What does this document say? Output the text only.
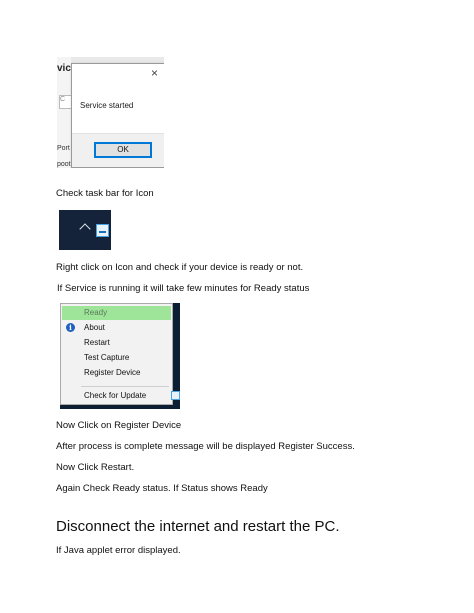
vic
C
Port
poot
×
Service started
OK
Check task bar for Icon
Right click on Icon and check if your device is ready or not.
If Service is running it will take few minutes for Ready status
Ready
i	About
Restart
Test Capture
Register Device
Check for Update
Now Click on Register Device
After process is complete message will be displayed Register Success.
Now Click Restart.
Again Check Ready status. If Status shows Ready
Disconnect the internet and restart the PC.
If Java applet error displayed.
